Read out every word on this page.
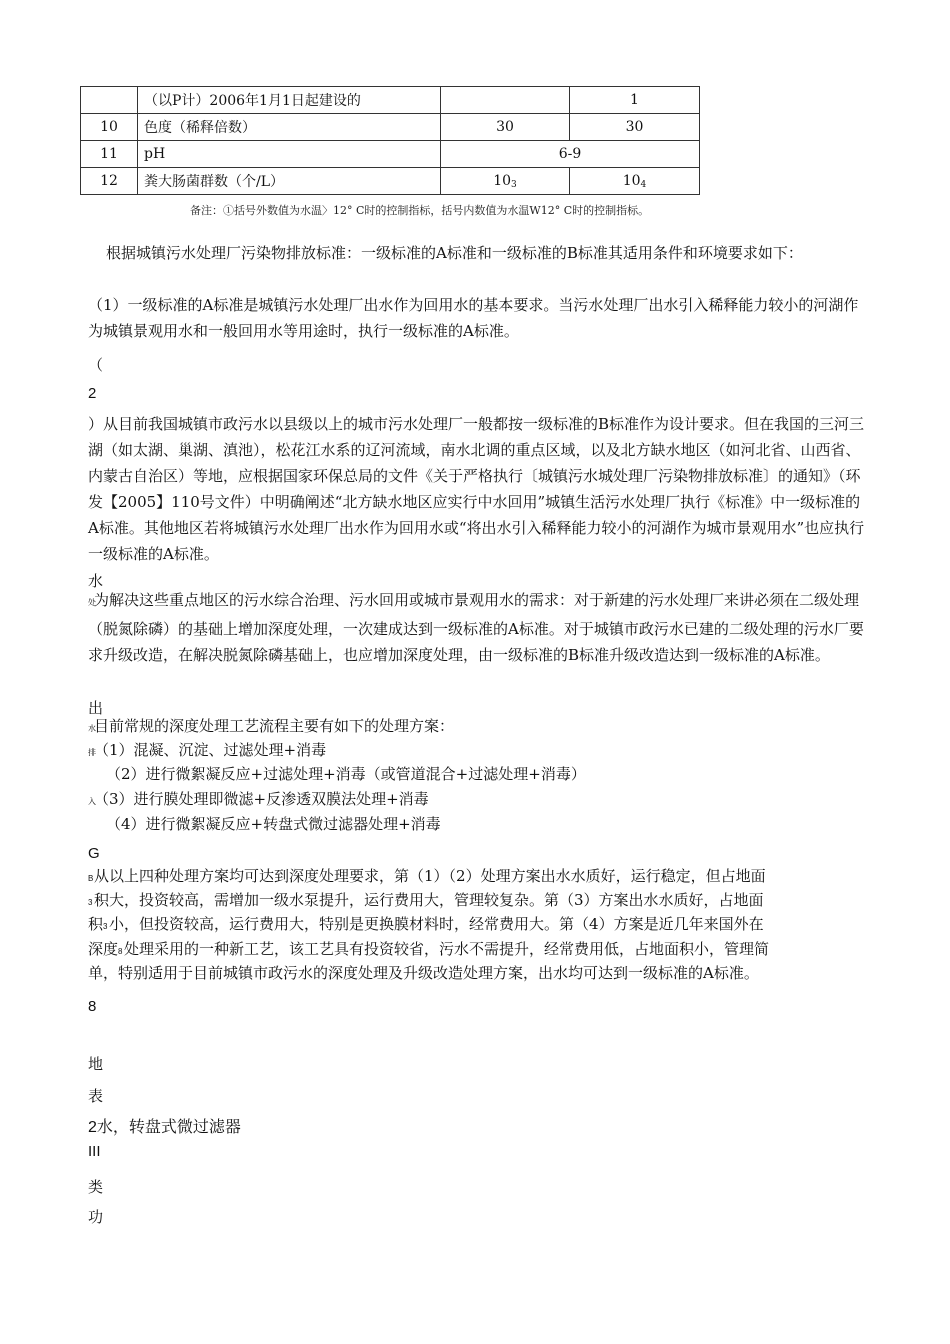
	（以P计）2006年1月1日起建设的		1
10	色度（稀释倍数）	30	30
11	pH	6-9	
12	粪大肠菌群数（个/L）	$10^3$	$10^4$
备注：①括号外数值为水温〉12° C时的控制指标，括号内数值为水温W12° C时的控制指标。

根据城镇污水处理厂污染物排放标准：一级标准的A标准和一级标准的B标准其适用条件和环境要求如下：

（1）一级标准的A标准是城镇污水处理厂出水作为回用水的基本要求。当污水处理厂出水引入稀释能力较小的河湖作为城镇景观用水和一般回用水等用途时，执行一级标准的A标准。

（
2

）从目前我国城镇市政污水以县级以上的城市污水处理厂一般都按一级标准的B标准作为设计要求。但在我国的三河三湖（如太湖、巢湖、滇池），松花江水系的辽河流域，南水北调的重点区域，以及北方缺水地区（如河北省、山西省、内蒙古自治区）等地，应根据国家环保总局的文件《关于严格执行〔城镇污水城处理厂污染物排放标准〕的通知》（环发【2005】110号文件）中明确阐述“北方缺水地区应实行中水回用”城镇生活污水处理厂执行《标准》中一级标准的A标准。其他地区若将城镇污水处理厂出水作为回用水或“将出水引入稀释能力较小的河湖作为城市景观用水”也应执行一级标准的A标准。

水

处为解决这些重点地区的污水综合治理、污水回用或城市景观用水的需求：对于新建的污水处理厂来讲必须在二级处理（脱氮除磷）的基础上增加深度处理，一次建成达到一级标准的A标准。对于城镇市政污水已建的二级处理的污水厂要求升级改造，在解决脱氮除磷基础上，也应增加深度处理，由一级标准的B标准升级改造达到一级标准的A标准。

出
水目前常规的深度处理工艺流程主要有如下的处理方案：
排（1）混凝、沉淀、过滤处理+消毒
（2）进行微絮凝反应+过滤处理+消毒（或管道混合+过滤处理+消毒）
入（3）进行膜处理即微滤+反渗透双膜法处理+消毒
（4）进行微絮凝反应+转盘式微过滤器处理+消毒
G
B从以上四种处理方案均可达到深度处理要求，第（1）（2）处理方案出水水质好，运行稳定，但占地面
3 积大，投资较高，需增加一级水泵提升，运行费用大，管理较复杂。第（3）方案出水水质好，占地面
积3 小，但投资较高，运行费用大，特别是更换膜材料时，经常费用大。第（4）方案是近几年来国外在
深度8 处理采用的一种新工艺，该工艺具有投资较省，污水不需提升，经常费用低，占地面积小，管理简
单，特别适用于目前城镇市政污水的深度处理及升级改造处理方案，出水均可达到一级标准的A标准。
8
地
表
2水，转盘式微过滤器
III
类
功
